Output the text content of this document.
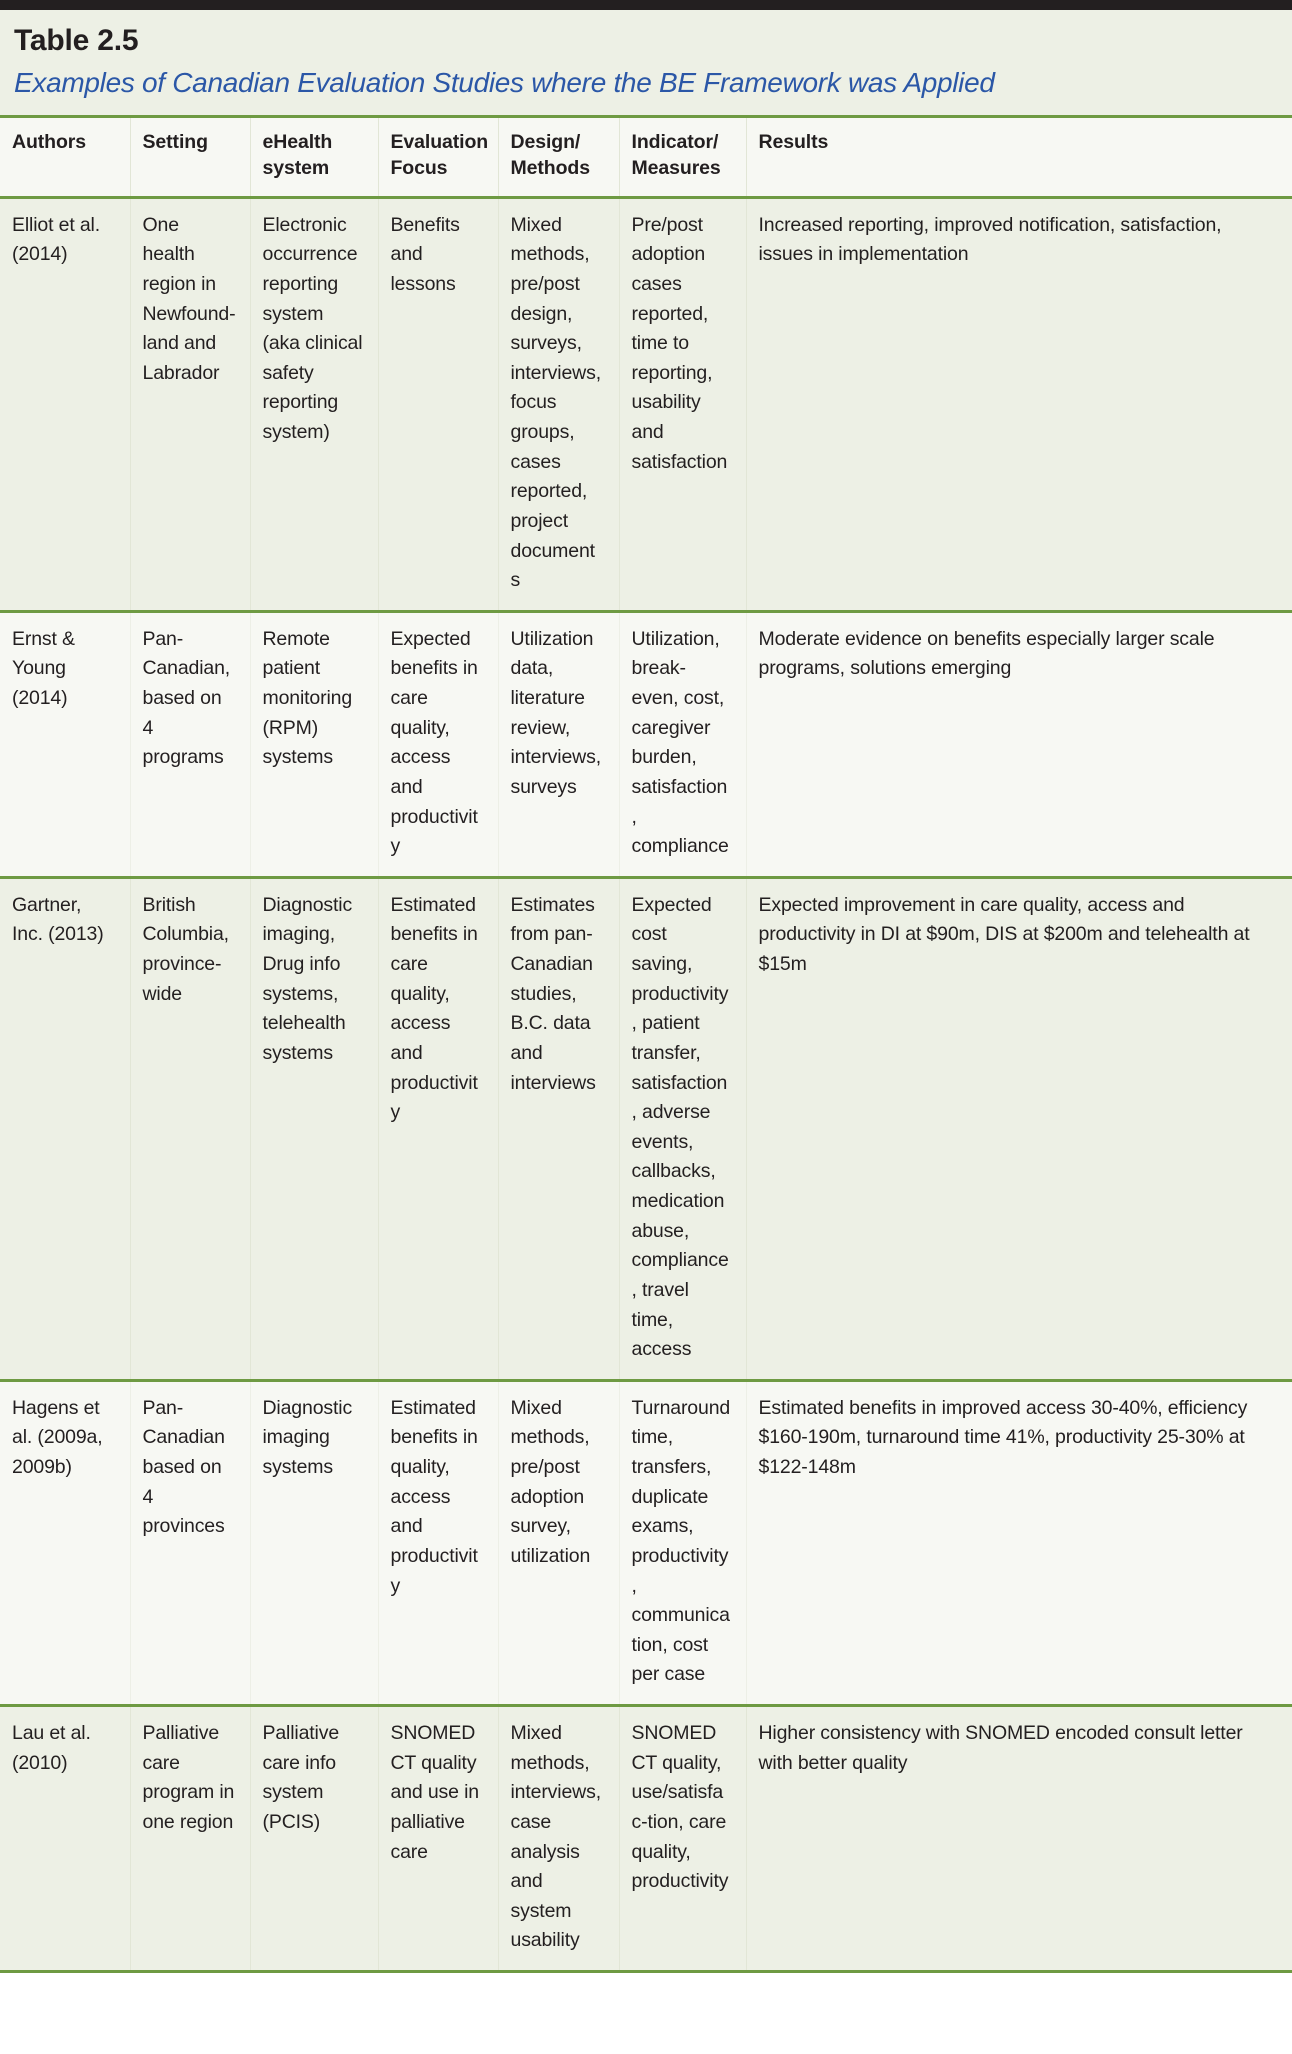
Table 2.5
Examples of Canadian Evaluation Studies where the BE Framework was Applied
Authors	Setting	eHealth system	Evaluation Focus	Design/ Methods	Indicator/ Measures	Results
Elliot et al. (2014)	One health region in Newfound-land and Labrador	Electronic occurrence reporting system (aka clinical safety reporting system)	Benefits and lessons	Mixed methods, pre/post design, surveys, interviews, focus groups, cases reported, project documents	Pre/post adoption cases reported, time to reporting, usability and satisfaction	Increased reporting, improved notification, satisfaction, issues in implementation
Ernst & Young (2014)	Pan-Canadian, based on 4 programs	Remote patient monitoring (RPM) systems	Expected benefits in care quality, access and productivity	Utilization data, literature review, interviews, surveys	Utilization, break-even, cost, caregiver burden, satisfaction, compliance	Moderate evidence on benefits especially larger scale programs, solutions emerging
Gartner, Inc. (2013)	British Columbia, province-wide	Diagnostic imaging, Drug info systems, telehealth systems	Estimated benefits in care quality, access and productivity	Estimates from pan-Canadian studies, B.C. data and interviews	Expected cost saving, productivity, patient transfer, satisfaction, adverse events, callbacks, medication abuse, compliance, travel time, access	Expected improvement in care quality, access and productivity in DI at $90m, DIS at $200m and telehealth at $15m
Hagens et al. (2009a, 2009b)	Pan-Canadian based on 4 provinces	Diagnostic imaging systems	Estimated benefits in quality, access and productivity	Mixed methods, pre/post adoption survey, utilization	Turnaround time, transfers, duplicate exams, productivity, communication, cost per case	Estimated benefits in improved access 30-40%, efficiency $160-190m, turnaround time 41%, productivity 25-30% at $122-148m
Lau et al. (2010)	Palliative care program in one region	Palliative care info system (PCIS)	SNOMED CT quality and use in palliative care	Mixed methods, interviews, case analysis and system usability	SNOMED CT quality, use/satisfac-tion, care quality, productivity	Higher consistency with SNOMED encoded consult letter with better quality
